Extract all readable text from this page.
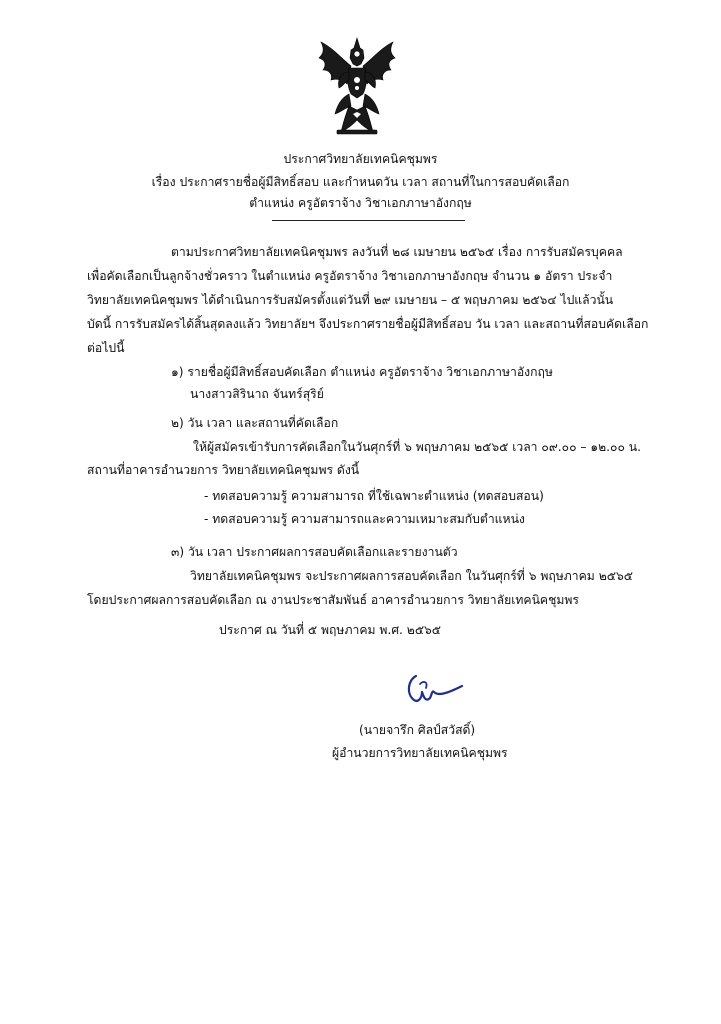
ประกาศวิทยาลัยเทคนิคชุมพร
เรื่อง ประกาศรายชื่อผู้มีสิทธิ์สอบ และกำหนดวัน เวลา สถานที่ในการสอบคัดเลือก
ตำแหน่ง ครูอัตราจ้าง วิชาเอกภาษาอังกฤษ
ตามประกาศวิทยาลัยเทคนิคชุมพร ลงวันที่ ๒๘ เมษายน ๒๕๖๕ เรื่อง การรับสมัครบุคคล
เพื่อคัดเลือกเป็นลูกจ้างชั่วคราว ในตำแหน่ง ครูอัตราจ้าง วิชาเอกภาษาอังกฤษ จำนวน ๑ อัตรา ประจำ
วิทยาลัยเทคนิคชุมพร ได้ดำเนินการรับสมัครตั้งแต่วันที่ ๒๙ เมษายน – ๕ พฤษภาคม ๒๕๖๔ ไปแล้วนั้น
บัดนี้ การรับสมัครได้สิ้นสุดลงแล้ว วิทยาลัยฯ จึงประกาศรายชื่อผู้มีสิทธิ์สอบ วัน เวลา และสถานที่สอบคัดเลือก
ต่อไปนี้
๑) รายชื่อผู้มีสิทธิ์สอบคัดเลือก ตำแหน่ง ครูอัตราจ้าง วิชาเอกภาษาอังกฤษ
นางสาวสิรินาถ จันทร์สุริย์
๒) วัน เวลา และสถานที่คัดเลือก
ให้ผู้สมัครเข้ารับการคัดเลือกในวันศุกร์ที่ ๖ พฤษภาคม ๒๕๖๕ เวลา ๐๙.๐๐ – ๑๒.๐๐ น.
สถานที่อาคารอำนวยการ วิทยาลัยเทคนิคชุมพร ดังนี้
- ทดสอบความรู้ ความสามารถ ที่ใช้เฉพาะตำแหน่ง (ทดสอบสอน)
- ทดสอบความรู้ ความสามารถและความเหมาะสมกับตำแหน่ง
๓) วัน เวลา ประกาศผลการสอบคัดเลือกและรายงานตัว
วิทยาลัยเทคนิคชุมพร จะประกาศผลการสอบคัดเลือก ในวันศุกร์ที่ ๖ พฤษภาคม ๒๕๖๕
โดยประกาศผลการสอบคัดเลือก ณ งานประชาสัมพันธ์ อาคารอำนวยการ วิทยาลัยเทคนิคชุมพร
ประกาศ ณ วันที่ ๕ พฤษภาคม พ.ศ. ๒๕๖๕
(นายจารึก ศิลป์สวัสดิ์)
ผู้อำนวยการวิทยาลัยเทคนิคชุมพร
